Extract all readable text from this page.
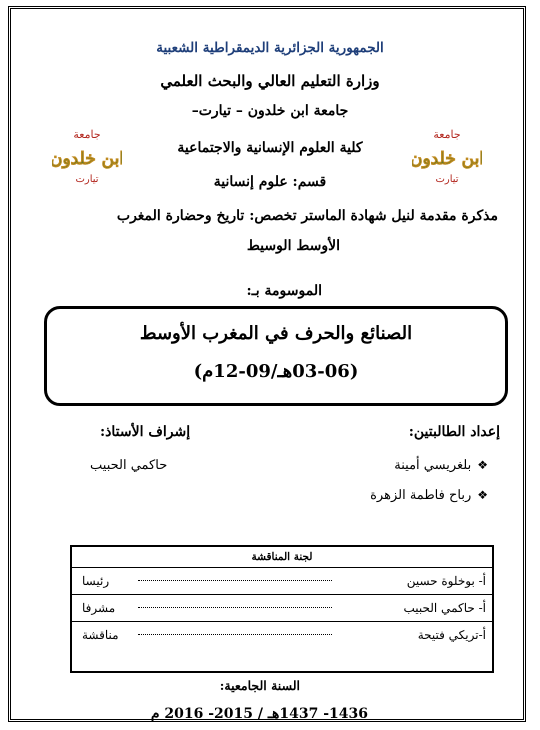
جامعة
ابن خلدون
تيارت
جامعة
ابن خلدون
تيارت
الجمهورية الجزائرية الديمقراطية الشعبية
وزارة التعليم العالي والبحث العلمي
جامعة ابن خلدون – تيارت–
كلية العلوم الإنسانية والاجتماعية
قسم: علوم إنسانية
مذكرة مقدمة لنيل شهادة الماستر تخصص: تاريخ وحضارة المغرب
الأوسط الوسيط
الموسومة بـ:
الصنائع والحرف في المغرب الأوسط
(03-06هـ/09-12م)
إعداد الطالبتين:
إشراف الأستاذ:
❖بلغريسي أمينة
❖رباح فاطمة الزهرة
حاكمي الحبيب
لجنة المناقشة
أ- بوخلوة حسين
رئيسا
أ- حاكمي الحبيب
مشرفا
أ-تريكي فتيحة
مناقشة
السنة الجامعية:
1436- 1437هـ / 2015- 2016 م
